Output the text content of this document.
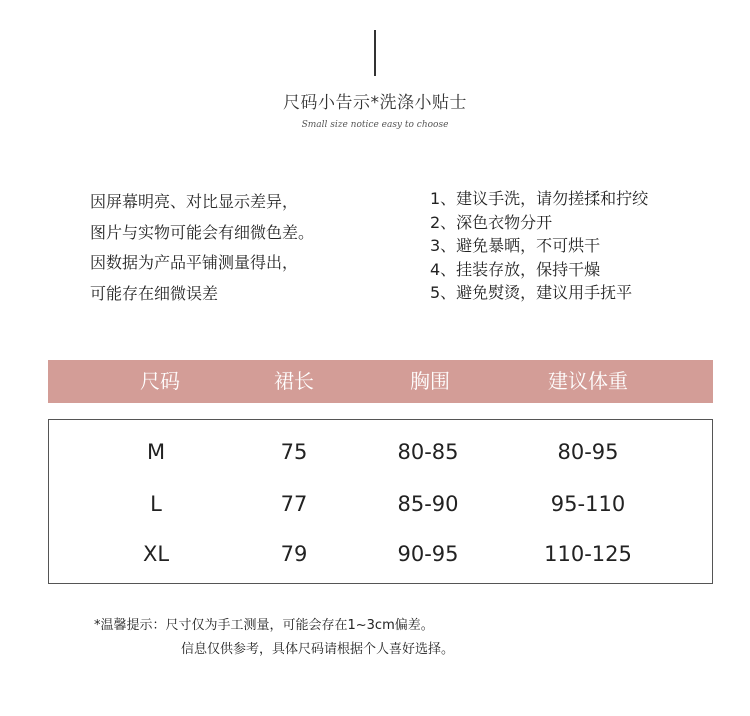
尺码小告示*洗涤小贴士
Small size notice easy to choose
因屏幕明亮、对比显示差异，
图片与实物可能会有细微色差。
因数据为产品平铺测量得出，
可能存在细微误差
1、建议手洗，请勿搓揉和拧绞
2、深色衣物分开
3、避免暴晒，不可烘干
4、挂装存放，保持干燥
5、避免熨烫，建议用手抚平
尺码	裙长	胸围	建议体重
M	75	80-85	80-95
L	77	85-90	95-110
XL	79	90-95	110-125
*温馨提示：尺寸仅为手工测量，可能会存在1~3cm偏差。
信息仅供参考，具体尺码请根据个人喜好选择。
